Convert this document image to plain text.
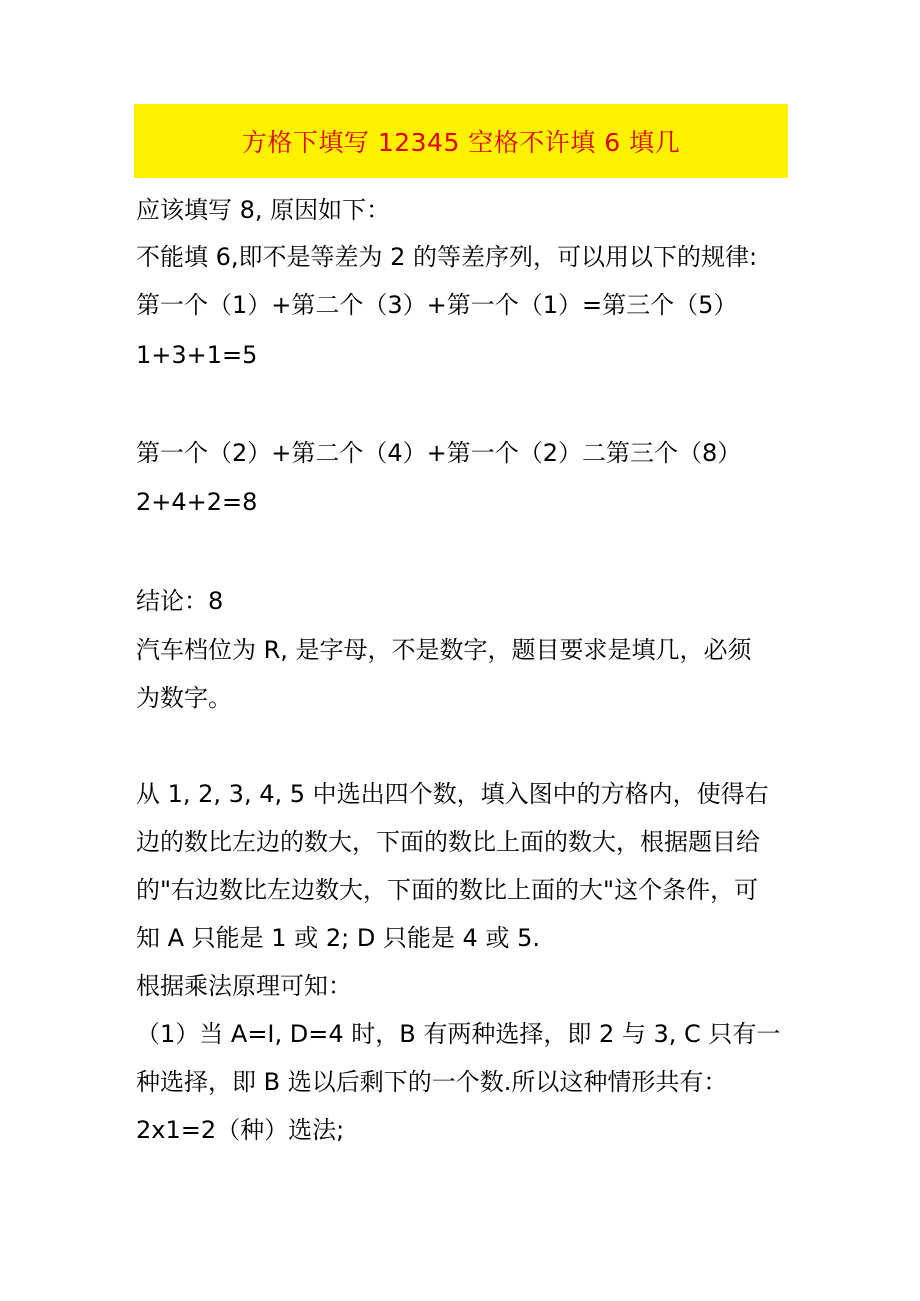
方格下填写 12345 空格不许填 6 填几
应该填写 8, 原因如下：
不能填 6,即不是等差为 2 的等差序列，可以用以下的规律:
第一个（1）+第二个（3）+第一个（1）=第三个（5）
1+3+1=5
第一个（2）+第二个（4）+第一个（2）二第三个（8）
2+4+2=8
结论：8
汽车档位为 R, 是字母，不是数字，题目要求是填几，必须
为数字。
从 1, 2, 3, 4, 5 中选出四个数，填入图中的方格内，使得右
边的数比左边的数大，下面的数比上面的数大，根据题目给
的"右边数比左边数大，下面的数比上面的大"这个条件，可
知 A 只能是 1 或 2; D 只能是 4 或 5.
根据乘法原理可知：
（1）当 A=I, D=4 时，B 有两种选择，即 2 与 3, C 只有一
种选择，即 B 选以后剩下的一个数.所以这种情形共有：
2x1=2（种）选法;
